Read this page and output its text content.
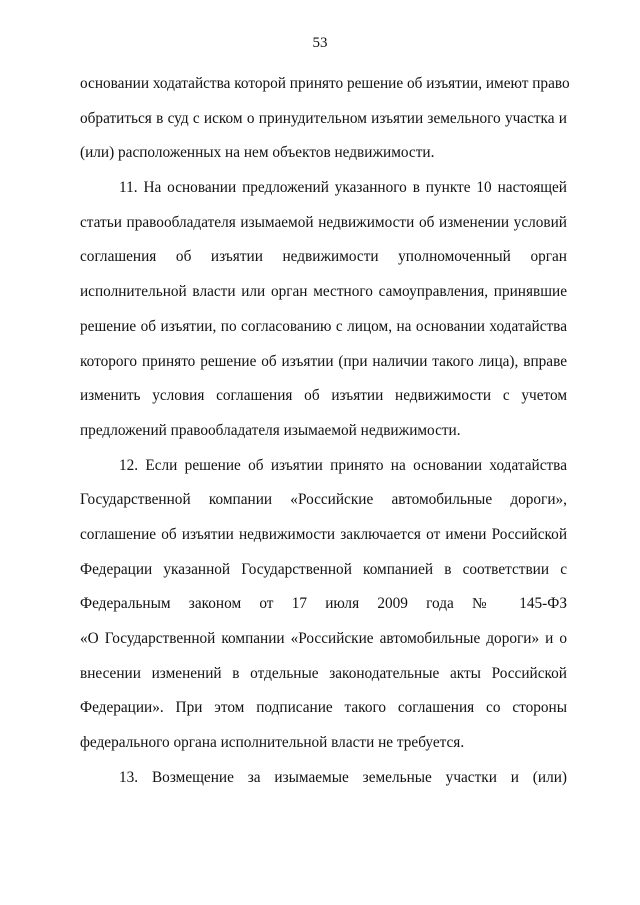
53
основании ходатайства которой принято решение об изъятии, имеют право
обратиться в суд с иском о принудительном изъятии земельного участка и
(или) расположенных на нем объектов недвижимости.
11. На основании предложений указанного в пункте 10 настоящей
статьи правообладателя изымаемой недвижимости об изменении условий
соглашения об изъятии недвижимости уполномоченный орган
исполнительной власти или орган местного самоуправления, принявшие
решение об изъятии, по согласованию с лицом, на основании ходатайства
которого принято решение об изъятии (при наличии такого лица), вправе
изменить условия соглашения об изъятии недвижимости с учетом
предложений правообладателя изымаемой недвижимости.
12. Если решение об изъятии принято на основании ходатайства
Государственной компании «Российские автомобильные дороги»,
соглашение об изъятии недвижимости заключается от имени Российской
Федерации указанной Государственной компанией в соответствии с
Федеральным законом от 17 июля 2009 года № 145-ФЗ
«О Государственной компании «Российские автомобильные дороги» и о
внесении изменений в отдельные законодательные акты Российской
Федерации». При этом подписание такого соглашения со стороны
федерального органа исполнительной власти не требуется.
13. Возмещение за изымаемые земельные участки и (или)
